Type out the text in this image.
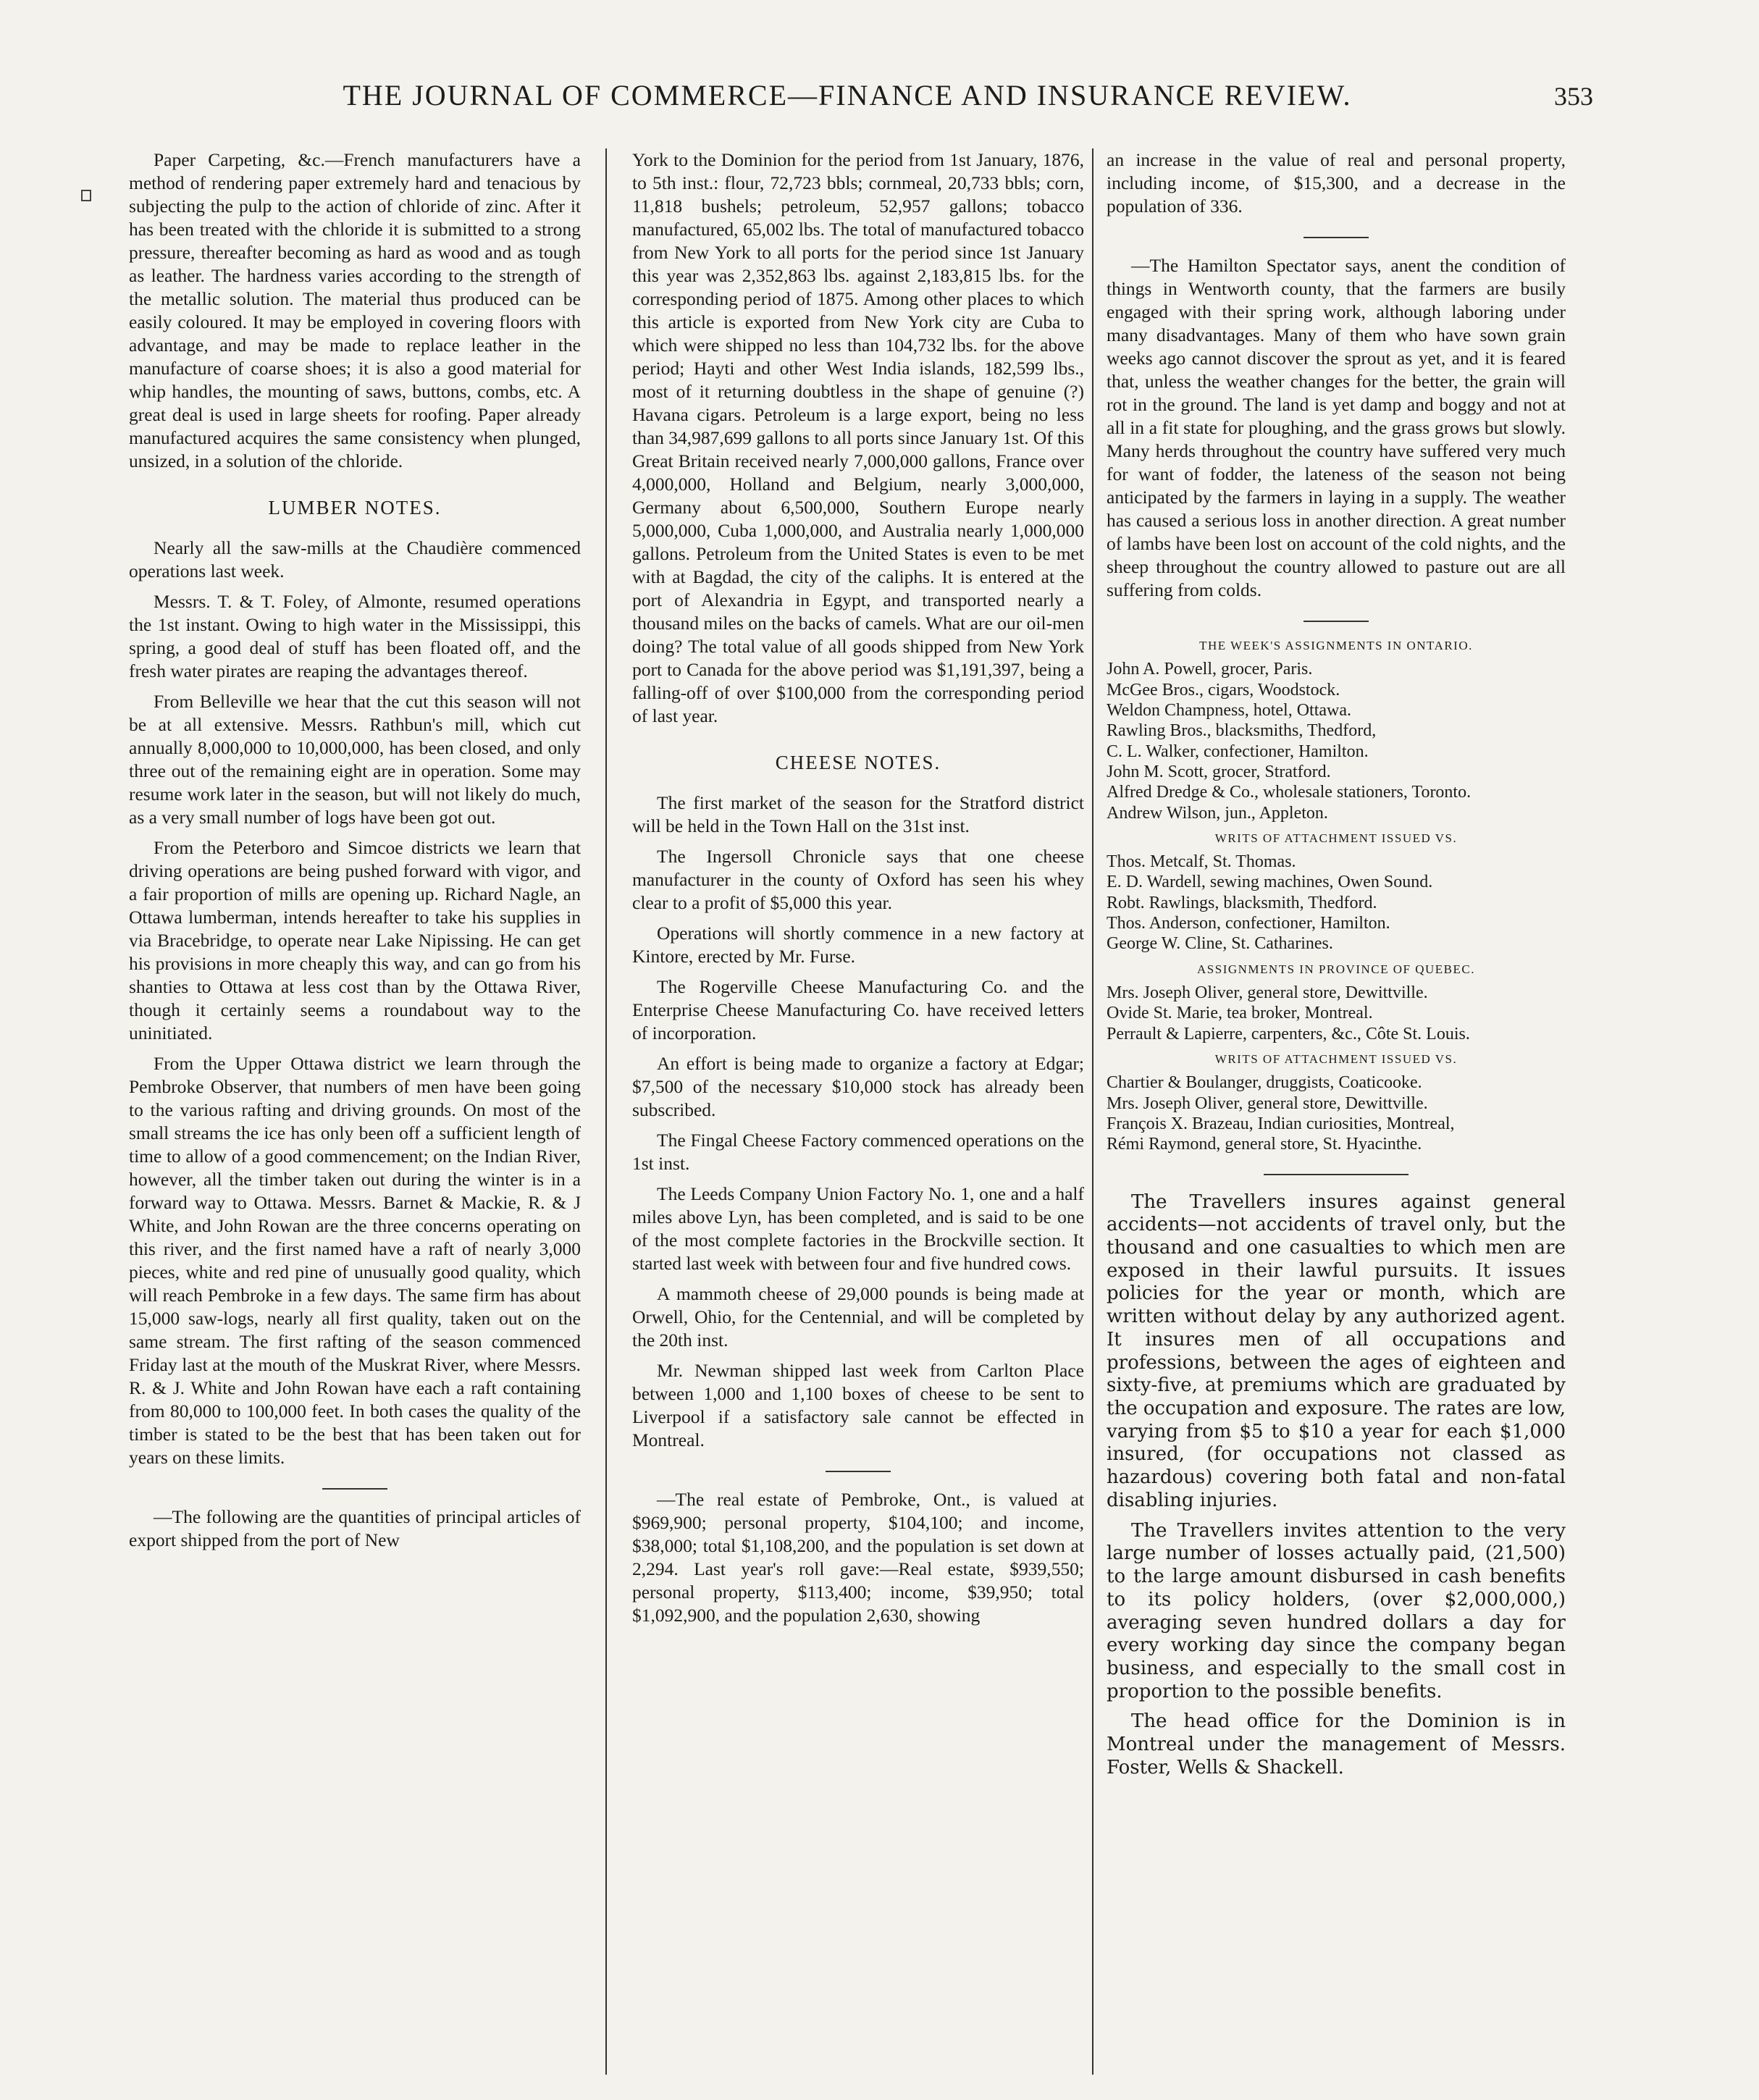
THE JOURNAL OF COMMERCE—FINANCE AND INSURANCE REVIEW.	353

Paper Carpeting, &c.—French manufacturers have a method of rendering paper extremely hard and tenacious by subjecting the pulp to the action of chloride of zinc. After it has been treated with the chloride it is submitted to a strong pressure, thereafter becoming as hard as wood and as tough as leather. The hardness varies according to the strength of the metallic solution. The material thus produced can be easily coloured. It may be employed in covering floors with advantage, and may be made to replace leather in the manufacture of coarse shoes; it is also a good material for whip handles, the mounting of saws, buttons, combs, etc. A great deal is used in large sheets for roofing. Paper already manufactured acquires the same consistency when plunged, unsized, in a solution of the chloride.

LUMBER NOTES.

Nearly all the saw-mills at the Chaudière commenced operations last week.

Messrs. T. & T. Foley, of Almonte, resumed operations the 1st instant. Owing to high water in the Mississippi, this spring, a good deal of stuff has been floated off, and the fresh water pirates are reaping the advantages thereof.

From Belleville we hear that the cut this season will not be at all extensive. Messrs. Rathbun's mill, which cut annually 8,000,000 to 10,000,000, has been closed, and only three out of the remaining eight are in operation. Some may resume work later in the season, but will not likely do much, as a very small number of logs have been got out.

From the Peterboro and Simcoe districts we learn that driving operations are being pushed forward with vigor, and a fair proportion of mills are opening up. Richard Nagle, an Ottawa lumberman, intends hereafter to take his supplies in via Bracebridge, to operate near Lake Nipissing. He can get his provisions in more cheaply this way, and can go from his shanties to Ottawa at less cost than by the Ottawa River, though it certainly seems a roundabout way to the uninitiated.

From the Upper Ottawa district we learn through the Pembroke Observer, that numbers of men have been going to the various rafting and driving grounds. On most of the small streams the ice has only been off a sufficient length of time to allow of a good commencement; on the Indian River, however, all the timber taken out during the winter is in a forward way to Ottawa. Messrs. Barnet & Mackie, R. & J White, and John Rowan are the three concerns operating on this river, and the first named have a raft of nearly 3,000 pieces, white and red pine of unusually good quality, which will reach Pembroke in a few days. The same firm has about 15,000 saw-logs, nearly all first quality, taken out on the same stream. The first rafting of the season commenced Friday last at the mouth of the Muskrat River, where Messrs. R. & J. White and John Rowan have each a raft containing from 80,000 to 100,000 feet. In both cases the quality of the timber is stated to be the best that has been taken out for years on these limits.

—The following are the quantities of principal articles of export shipped from the port of New

York to the Dominion for the period from 1st January, 1876, to 5th inst.: flour, 72,723 bbls; cornmeal, 20,733 bbls; corn, 11,818 bushels; petroleum, 52,957 gallons; tobacco manufactured, 65,002 lbs. The total of manufactured tobacco from New York to all ports for the period since 1st January this year was 2,352,863 lbs. against 2,183,815 lbs. for the corresponding period of 1875. Among other places to which this article is exported from New York city are Cuba to which were shipped no less than 104,732 lbs. for the above period; Hayti and other West India islands, 182,599 lbs., most of it returning doubtless in the shape of genuine (?) Havana cigars. Petroleum is a large export, being no less than 34,987,699 gallons to all ports since January 1st. Of this Great Britain received nearly 7,000,000 gallons, France over 4,000,000, Holland and Belgium, nearly 3,000,000, Germany about 6,500,000, Southern Europe nearly 5,000,000, Cuba 1,000,000, and Australia nearly 1,000,000 gallons. Petroleum from the United States is even to be met with at Bagdad, the city of the caliphs. It is entered at the port of Alexandria in Egypt, and transported nearly a thousand miles on the backs of camels. What are our oil-men doing? The total value of all goods shipped from New York port to Canada for the above period was $1,191,397, being a falling-off of over $100,000 from the corresponding period of last year.

CHEESE NOTES.

The first market of the season for the Stratford district will be held in the Town Hall on the 31st inst.

The Ingersoll Chronicle says that one cheese manufacturer in the county of Oxford has seen his whey clear to a profit of $5,000 this year.

Operations will shortly commence in a new factory at Kintore, erected by Mr. Furse.

The Rogerville Cheese Manufacturing Co. and the Enterprise Cheese Manufacturing Co. have received letters of incorporation.

An effort is being made to organize a factory at Edgar; $7,500 of the necessary $10,000 stock has already been subscribed.

The Fingal Cheese Factory commenced operations on the 1st inst.

The Leeds Company Union Factory No. 1, one and a half miles above Lyn, has been completed, and is said to be one of the most complete factories in the Brockville section. It started last week with between four and five hundred cows.

A mammoth cheese of 29,000 pounds is being made at Orwell, Ohio, for the Centennial, and will be completed by the 20th inst.

Mr. Newman shipped last week from Carlton Place between 1,000 and 1,100 boxes of cheese to be sent to Liverpool if a satisfactory sale cannot be effected in Montreal.

—The real estate of Pembroke, Ont., is valued at $969,900; personal property, $104,100; and income, $38,000; total $1,108,200, and the population is set down at 2,294. Last year's roll gave:—Real estate, $939,550; personal property, $113,400; income, $39,950; total $1,092,900, and the population 2,630, showing

an increase in the value of real and personal property, including income, of $15,300, and a decrease in the population of 336.

—The Hamilton Spectator says, anent the condition of things in Wentworth county, that the farmers are busily engaged with their spring work, although laboring under many disadvantages. Many of them who have sown grain weeks ago cannot discover the sprout as yet, and it is feared that, unless the weather changes for the better, the grain will rot in the ground. The land is yet damp and boggy and not at all in a fit state for ploughing, and the grass grows but slowly. Many herds throughout the country have suffered very much for want of fodder, the lateness of the season not being anticipated by the farmers in laying in a supply. The weather has caused a serious loss in another direction. A great number of lambs have been lost on account of the cold nights, and the sheep throughout the country allowed to pasture out are all suffering from colds.

THE WEEK'S ASSIGNMENTS IN ONTARIO.
John A. Powell, grocer, Paris.
McGee Bros., cigars, Woodstock.
Weldon Champness, hotel, Ottawa.
Rawling Bros., blacksmiths, Thedford,
C. L. Walker, confectioner, Hamilton.
John M. Scott, grocer, Stratford.
Alfred Dredge & Co., wholesale stationers, Toronto.
Andrew Wilson, jun., Appleton.
WRITS OF ATTACHMENT ISSUED VS.
Thos. Metcalf, St. Thomas.
E. D. Wardell, sewing machines, Owen Sound.
Robt. Rawlings, blacksmith, Thedford.
Thos. Anderson, confectioner, Hamilton.
George W. Cline, St. Catharines.
ASSIGNMENTS IN PROVINCE OF QUEBEC.
Mrs. Joseph Oliver, general store, Dewittville.
Ovide St. Marie, tea broker, Montreal.
Perrault & Lapierre, carpenters, &c., Côte St. Louis.
WRITS OF ATTACHMENT ISSUED VS.
Chartier & Boulanger, druggists, Coaticooke.
Mrs. Joseph Oliver, general store, Dewittville.
François X. Brazeau, Indian curiosities, Montreal,
Rémi Raymond, general store, St. Hyacinthe.

The Travellers insures against general accidents—not accidents of travel only, but the thousand and one casualties to which men are exposed in their lawful pursuits. It issues policies for the year or month, which are written without delay by any authorized agent. It insures men of all occupations and professions, between the ages of eighteen and sixty-five, at premiums which are graduated by the occupation and exposure. The rates are low, varying from $5 to $10 a year for each $1,000 insured, (for occupations not classed as hazardous) covering both fatal and non-fatal disabling injuries.

The Travellers invites attention to the very large number of losses actually paid, (21,500) to the large amount disbursed in cash benefits to its policy holders, (over $2,000,000,) averaging seven hundred dollars a day for every working day since the company began business, and especially to the small cost in proportion to the possible benefits.

The head office for the Dominion is in Montreal under the management of Messrs. Foster, Wells & Shackell.
